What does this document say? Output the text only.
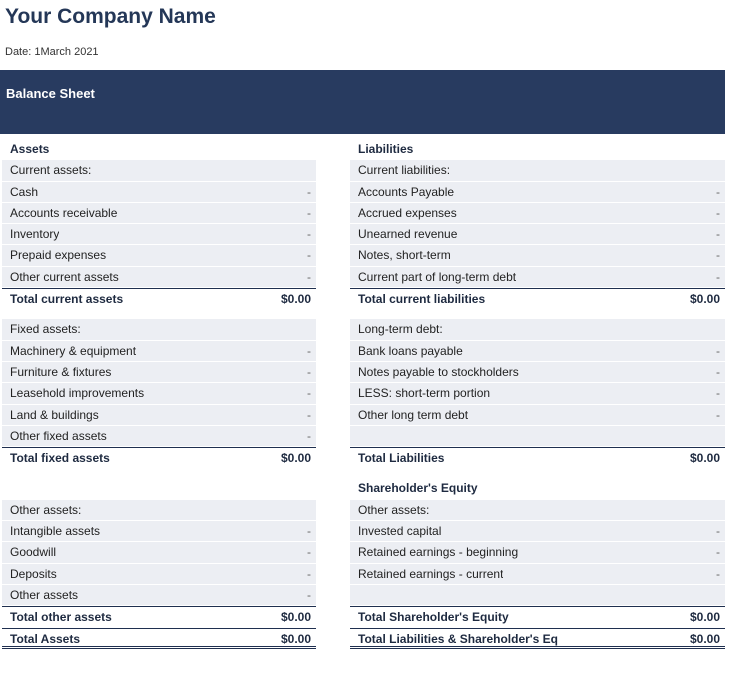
Your Company Name
Date: 1March 2021
Balance Sheet
Assets
Current assets:
Cash	-
Accounts receivable	-
Inventory	-
Prepaid expenses	-
Other current assets	-
Total current assets	$0.00
Fixed assets:
Machinery & equipment	-
Furniture & fixtures	-
Leasehold improvements	-
Land & buildings	-
Other fixed assets	-
Total fixed assets	$0.00
Other assets:
Intangible assets	-
Goodwill	-
Deposits	-
Other assets	-
Total other assets	$0.00
Total Assets	$0.00
Liabilities
Current liabilities:
Accounts Payable	-
Accrued expenses	-
Unearned revenue	-
Notes, short-term	-
Current part of long-term debt	-
Total current liabilities	$0.00
Long-term debt:
Bank loans payable	-
Notes payable to stockholders	-
LESS: short-term portion	-
Other long term debt	-
Total Liabilities	$0.00
Shareholder's Equity
Other assets:
Invested capital	-
Retained earnings - beginning	-
Retained earnings - current	-
Total Shareholder's Equity	$0.00
Total Liabilities & Shareholder's Eq	$0.00
